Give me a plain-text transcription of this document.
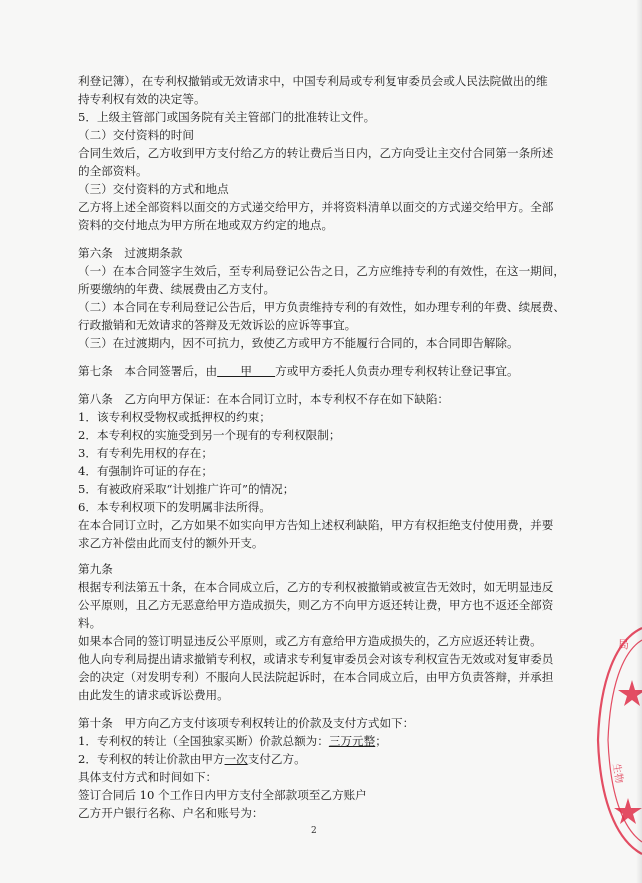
利登记簿），在专利权撤销或无效请求中，中国专利局或专利复审委员会或人民法院做出的维
持专利权有效的决定等。
5．上级主管部门或国务院有关主管部门的批准转让文件。
（二）交付资料的时间
合同生效后，乙方收到甲方支付给乙方的转让费后当日内，乙方向受让主交付合同第一条所述
的全部资料。
（三）交付资料的方式和地点
乙方将上述全部资料以面交的方式递交给甲方，并将资料清单以面交的方式递交给甲方。全部
资料的交付地点为甲方所在地或双方约定的地点。
第六条　过渡期条款
（一）在本合同签字生效后，至专利局登记公告之日，乙方应维持专利的有效性，在这一期间，
所要缴纳的年费、续展费由乙方支付。
（二）本合同在专利局登记公告后，甲方负责维持专利的有效性，如办理专利的年费、续展费、
行政撤销和无效请求的答辩及无效诉讼的应诉等事宜。
（三）在过渡期内，因不可抗力，致使乙方或甲方不能履行合同的，本合同即告解除。
第七条　本合同签署后，由　　甲　　方或甲方委托人负责办理专利权转让登记事宜。
第八条　乙方向甲方保证：在本合同订立时，本专利权不存在如下缺陷：
1．该专利权受物权或抵押权的约束；
2．本专利权的实施受到另一个现有的专利权限制；
3．有专利先用权的存在；
4．有强制许可证的存在；
5．有被政府采取“计划推广许可”的情况；
6．本专利权项下的发明属非法所得。
在本合同订立时，乙方如果不如实向甲方告知上述权利缺陷，甲方有权拒绝支付使用费，并要
求乙方补偿由此而支付的额外开支。
第九条
根据专利法第五十条，在本合同成立后，乙方的专利权被撤销或被宣告无效时，如无明显违反
公平原则，且乙方无恶意给甲方造成损失，则乙方不向甲方返还转让费，甲方也不返还全部资
料。
如果本合同的签订明显违反公平原则，或乙方有意给甲方造成损失的，乙方应返还转让费。
他人向专利局提出请求撤销专利权，或请求专利复审委员会对该专利权宣告无效或对复审委员
会的决定（对发明专利）不服向人民法院起诉时，在本合同成立后，由甲方负责答辩，并承担
由此发生的请求或诉讼费用。
第十条　甲方向乙方支付该项专利权转让的价款及支付方式如下：
1．专利权的转让（全国独家买断）价款总额为：三万元整；
2．专利权的转让价款由甲方一次支付乙方。
具体支付方式和时间如下：
签订合同后 10 个工作日内甲方支付全部款项至乙方账户
乙方开户银行名称、户名和账号为：
2
局
生物
